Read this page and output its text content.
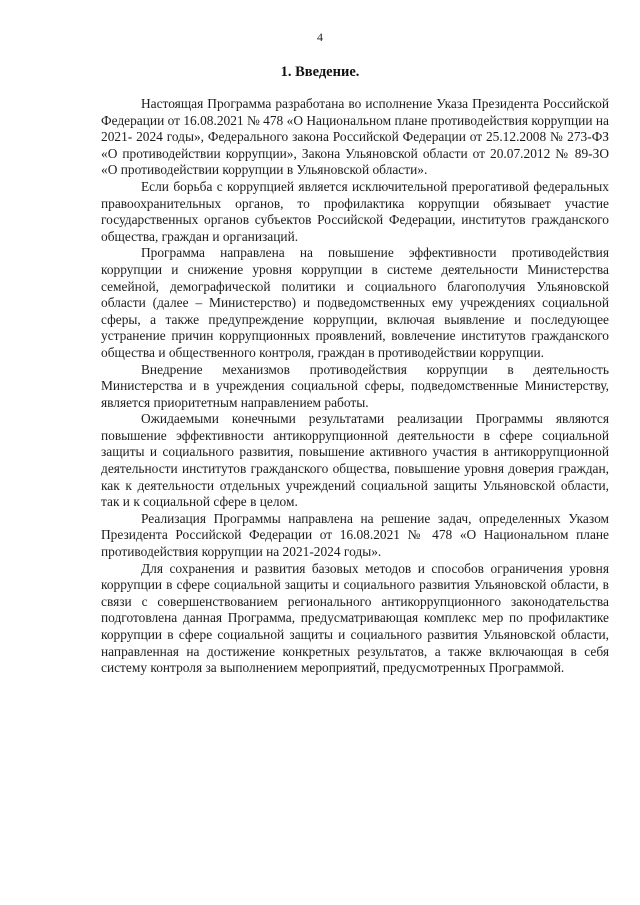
4
1. Введение.

Настоящая Программа разработана во исполнение Указа Президента Российской Федерации от 16.08.2021 № 478 «О Национальном плане противодействия коррупции на 2021- 2024 годы», Федерального закона Российской Федерации от 25.12.2008 № 273-ФЗ «О противодействии коррупции», Закона Ульяновской области от 20.07.2012 № 89-ЗО «О противодействии коррупции в Ульяновской области».

Если борьба с коррупцией является исключительной прерогативой федеральных правоохранительных органов, то профилактика коррупции обязывает участие государственных органов субъектов Российской Федерации, институтов гражданского общества, граждан и организаций.

Программа направлена на повышение эффективности противодействия коррупции и снижение уровня коррупции в системе деятельности Министерства семейной, демографической политики и социального благополучия Ульяновской области (далее – Министерство) и подведомственных ему учреждениях социальной сферы, а также предупреждение коррупции, включая выявление и последующее устранение причин коррупционных проявлений, вовлечение институтов гражданского общества и общественного контроля, граждан в противодействии коррупции.

Внедрение механизмов противодействия коррупции в деятельность Министерства и в учреждения социальной сферы, подведомственные Министерству, является приоритетным направлением работы.

Ожидаемыми конечными результатами реализации Программы являются повышение эффективности антикоррупционной деятельности в сфере социальной защиты и социального развития, повышение активного участия в антикоррупционной деятельности институтов гражданского общества, повышение уровня доверия граждан, как к деятельности отдельных учреждений социальной защиты Ульяновской области, так и к социальной сфере в целом.

Реализация Программы направлена на решение задач, определенных Указом Президента Российской Федерации от 16.08.2021 № 478 «О Национальном плане противодействия коррупции на 2021-2024 годы».

Для сохранения и развития базовых методов и способов ограничения уровня коррупции в сфере социальной защиты и социального развития Ульяновской области, в связи с совершенствованием регионального антикоррупционного законодательства подготовлена данная Программа, предусматривающая комплекс мер по профилактике коррупции в сфере социальной защиты и социального развития Ульяновской области, направленная на достижение конкретных результатов, а также включающая в себя систему контроля за выполнением мероприятий, предусмотренных Программой.
